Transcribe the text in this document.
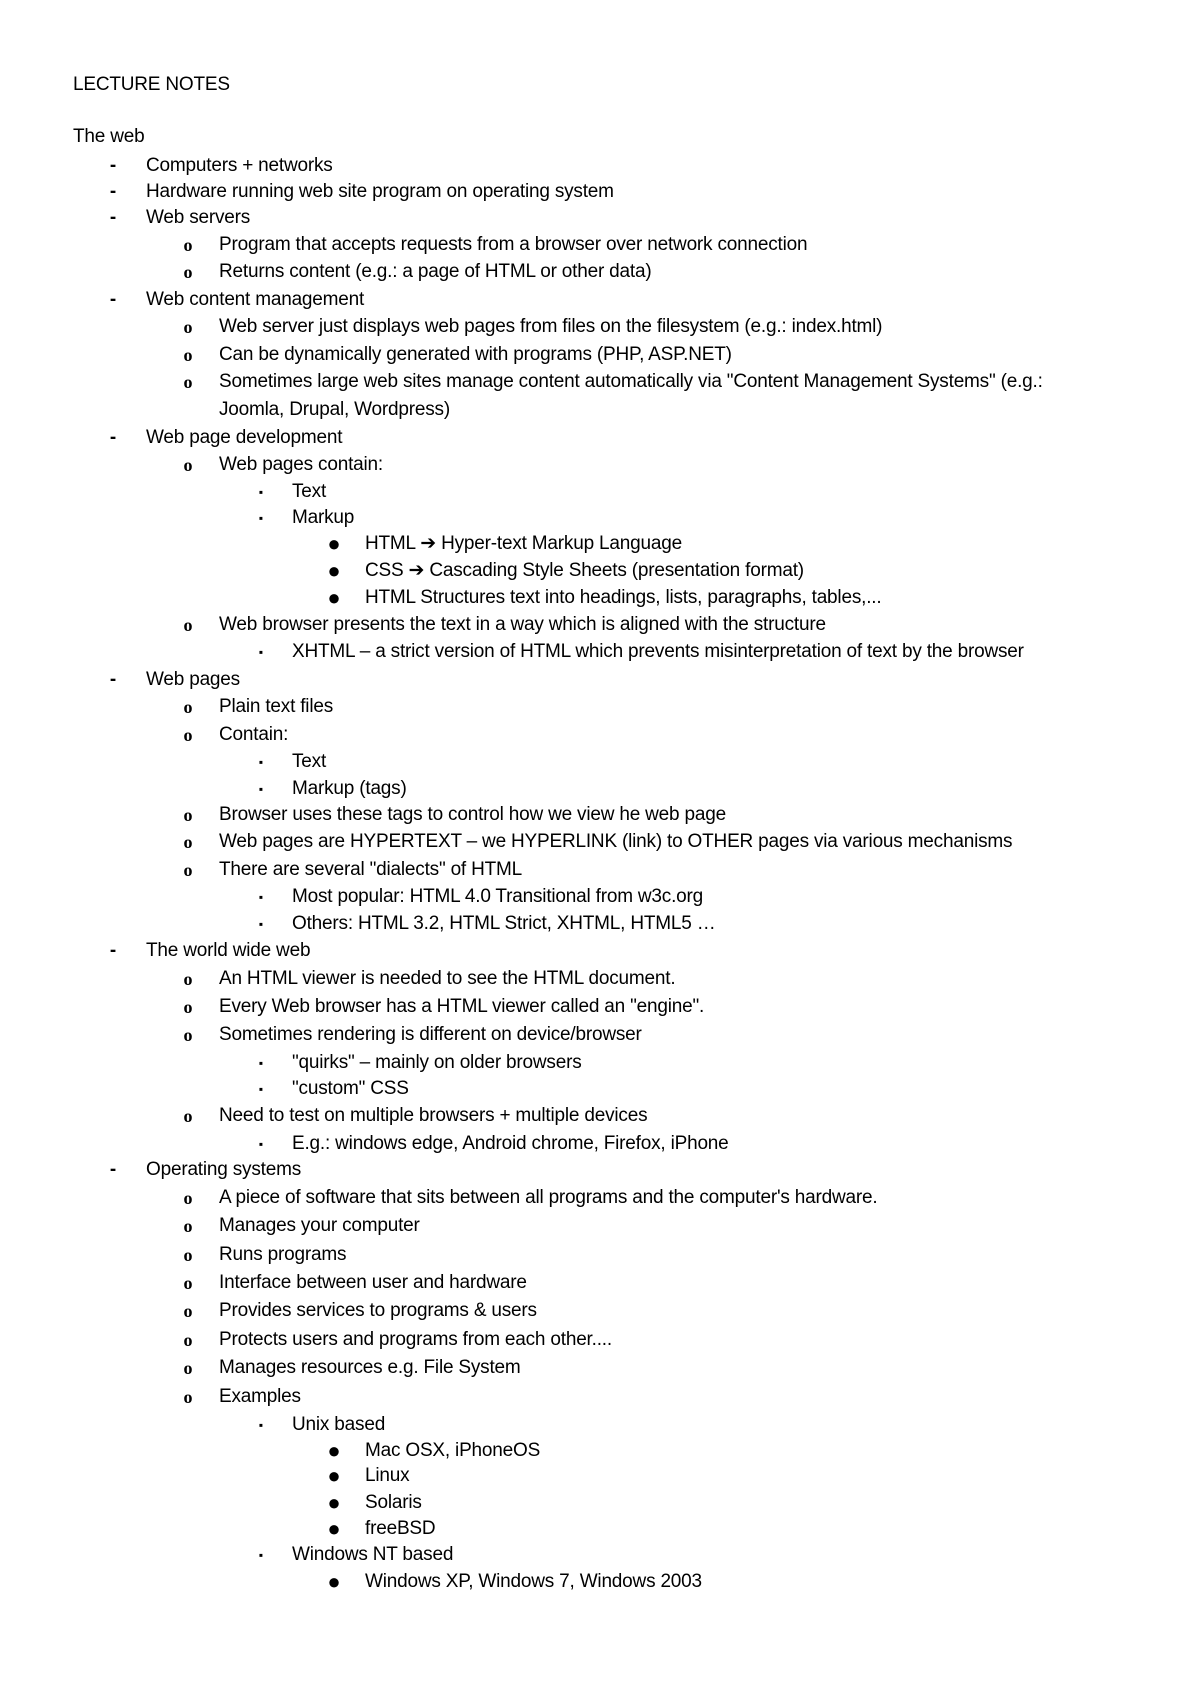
LECTURE NOTES
The web
-	Computers + networks
-	Hardware running web site program on operating system
-	Web servers
o Program that accepts requests from a browser over network connection
o Returns content (e.g.: a page of HTML or other data)
-	Web content management
o Web server just displays web pages from files on the filesystem (e.g.: index.html)
o Can be dynamically generated with programs (PHP, ASP.NET)
o Sometimes large web sites manage content automatically via "Content Management Systems" (e.g.:
Joomla, Drupal, Wordpress)
-	Web page development
o Web pages contain:
▪	Text
▪	Markup
● HTML ➔ Hyper-text Markup Language
● CSS ➔ Cascading Style Sheets (presentation format)
● HTML Structures text into headings, lists, paragraphs, tables,...
o Web browser presents the text in a way which is aligned with the structure
▪	XHTML – a strict version of HTML which prevents misinterpretation of text by the browser
-	Web pages
o Plain text files
o Contain:
▪	Text
▪	Markup (tags)
o Browser uses these tags to control how we view he web page
o Web pages are HYPERTEXT – we HYPERLINK (link) to OTHER pages via various mechanisms
o There are several "dialects" of HTML
▪	Most popular: HTML 4.0 Transitional from w3c.org
▪	Others: HTML 3.2, HTML Strict, XHTML, HTML5 …
-	The world wide web
o An HTML viewer is needed to see the HTML document.
o Every Web browser has a HTML viewer called an "engine".
o Sometimes rendering is different on device/browser
▪	"quirks" – mainly on older browsers
▪	"custom" CSS
o Need to test on multiple browsers + multiple devices
▪	E.g.: windows edge, Android chrome, Firefox, iPhone
-	Operating systems
o A piece of software that sits between all programs and the computer's hardware.
o Manages your computer
o Runs programs
o Interface between user and hardware
o Provides services to programs & users
o Protects users and programs from each other....
o Manages resources e.g. File System
o Examples
▪	Unix based
● Mac OSX, iPhoneOS
● Linux
● Solaris
● freeBSD
▪	Windows NT based
● Windows XP, Windows 7, Windows 2003
